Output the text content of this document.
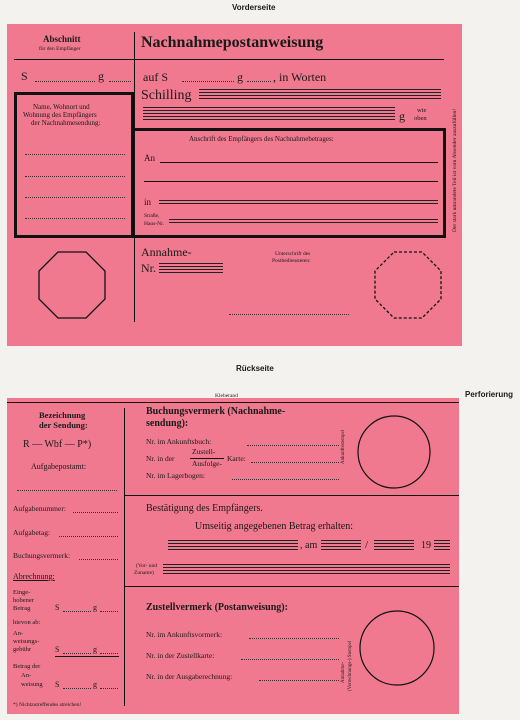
Vorderseite
Rückseite
Perforierung
Abschnitt
für den Empfänger	Nachnahmepostanweisung
S	g	auf S	g	, in Worten
Schilling
g wie
oben
Name, Wohnort und
Wohnung des Empfängers
der Nachnahmesendung:
Anschrift des Empfängers des Nachnahmebetrages:
An
in
Straße,
Haus-Nr.	Der stark umrandete Teil ist vom Absender auszufüllen!
Annahme-
Nr.
Unterschrift des
Postbediensteten:
Kleberand
Bezeichnung
der Sendung:
R — Wbf — P*)
Aufgabepostamt:
Aufgabenummer:
Aufgabetag:
Buchungsvermerk:
Abrechnung:
Einge-
hobener
Betrag	S	g
hievon ab:
An-
weisungs-
gebühr	S	g
Betrag der
An-
weisung S	g
*) Nichtzutreffendes streichen!
Buchungsvermerk (Nachnahme-
sendung):
Nr. im Ankunftsbuch:
Nr. in der
Zustell-
Ausfolge-
Karte:
Nr. im Lagerbogen:
Ankunftsstempel
Bestätigung des Empfängers.
Umseitig angegebenen Betrag erhalten:
, am	/	19
(Vor- und
Zuname)
Zustellvermerk (Postanweisung):
Nr. im Ankunftsvormerk:
Nr. in der Zustellkarte:
Nr. in der Ausgaberechnung:	Annahme- (Verrechnungs-) Stempel
